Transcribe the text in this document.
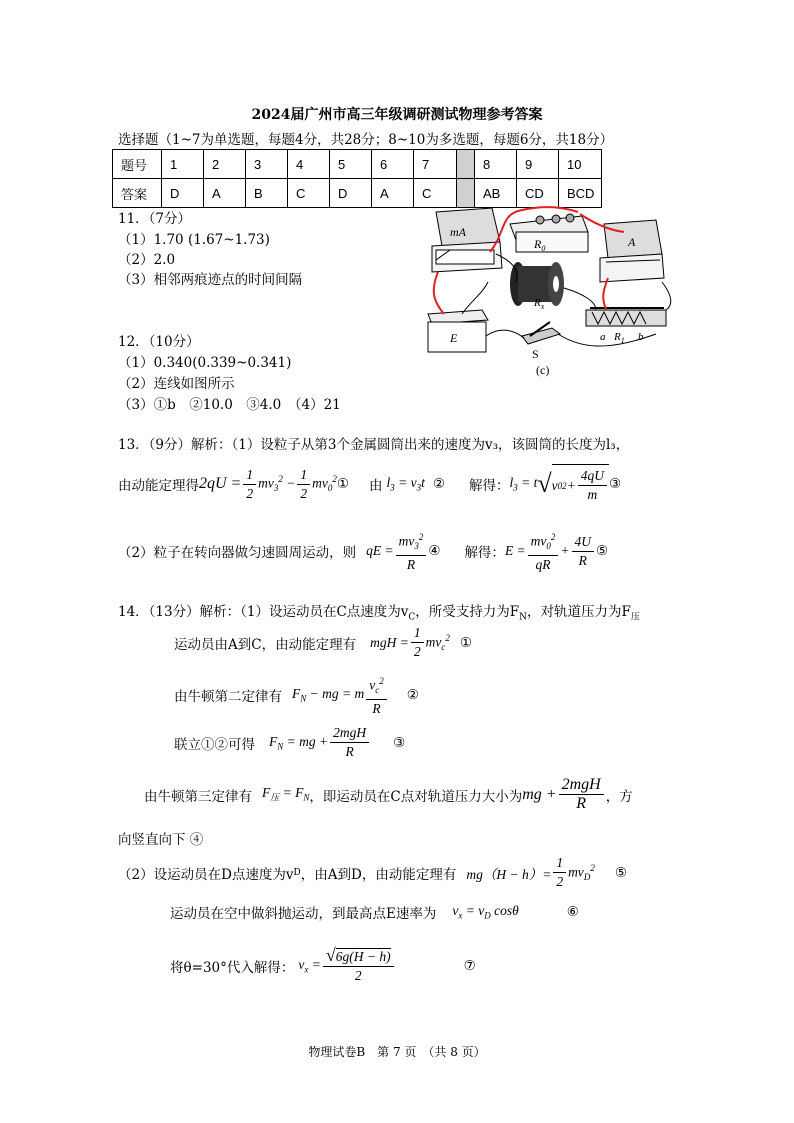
2024届广州市高三年级调研测试物理参考答案
选择题（1~7为单选题，每题4分，共28分；8~10为多选题，每题6分，共18分）
题号	1	2	3	4	5	6	7		8	9	10
答案	D	A	B	C	D	A	C		AB	CD	BCD
11．（7分）
（1）1.70 (1.67~1.73)
（2）2.0
（3）相邻两痕迹点的时间间隔
12．（10分）
（1）0.340(0.339~0.341)
（2）连线如图所示
（3）①b　②10.0　③4.0　（4）21
mA
$R_0$	A
$R_x$
E
S
a $R_1$ b
(c)
13．（9分）解析：（1）设粒子从第3个金属圆筒出来的速度为v₃，该圆筒的长度为l₃，
由动能定理得 $2qU = \frac{1}{2} mv_3^2 - \frac{1}{2} mv_0^2$ ① 由 $l_3 = v_3t$ ② 解得： $l_3 = t$ √ v 0 $2 + \frac{4qU}{m}$ ③
（2）粒子在转向器做匀速圆周运动，则 qE = $\frac{mv_3^2}{R}$ ④ 解得： $E = \frac{mv_0^2}{qR} + \frac{4U}{R}$ ⑤
14．（13分）解析：（1）设运动员在C点速度为$v_C$，所受支持力为$F_N$，对轨道压力为$F_压$
运动员由A到C，由动能定理有 mgH = $\frac{1}{2} mv_c^2$ ①
由牛顿第二定律有 $F_N$ − mg = m $\frac{v_c^2}{R}$ ②
联立①②可得 $F_N$ = mg + $\frac{\text{2mgH}}{R}$ ③
由牛顿第三定律有 $F_压 = F_N$ ，即运动员在C点对轨道压力大小为 mg + $\frac{\text{2mgH}}{R}$ ，方
向竖直向下 ④
（2）设运动员在D点速度为v D ，由A到D，由动能定理有 $mg(H - h)= \frac{1}{2} mv_D^2$ ⑤
运动员在空中做斜抛运动，到最高点E速率为 $v_x = v_D$ cosθ	⑥
将θ=30°代入解得： $v_x = \frac{√6g(H - h)}{2}$	⑦
物理试卷B　第 7 页　（共 8 页）
